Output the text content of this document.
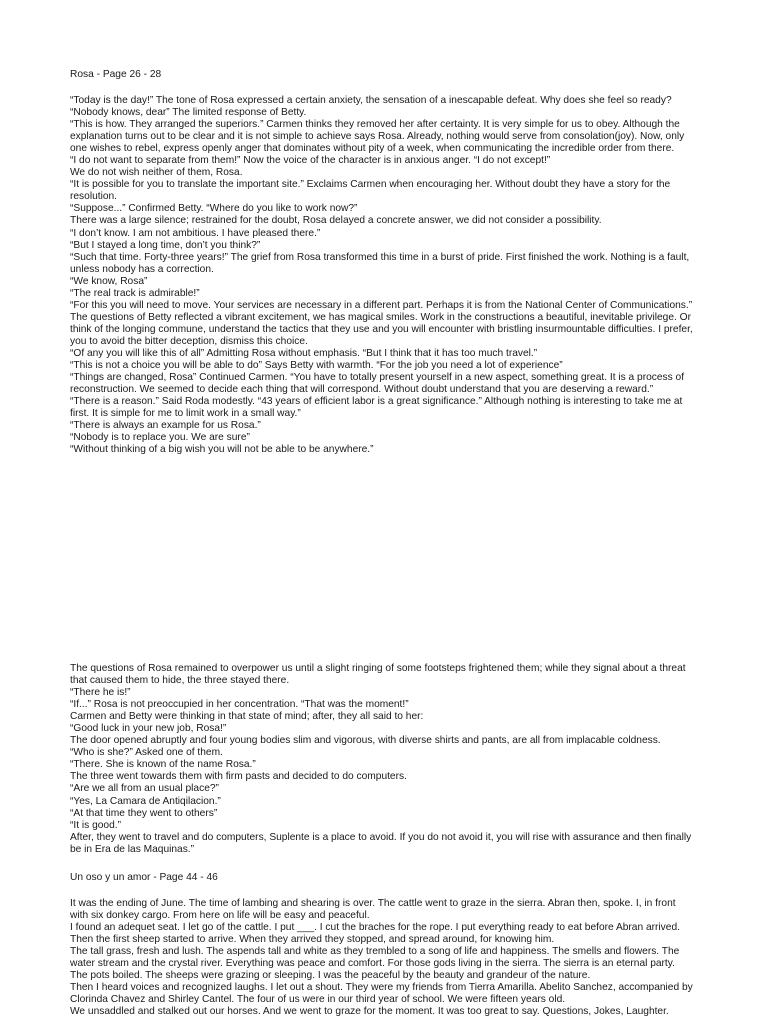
Rosa - Page 26 - 28

“Today is the day!” The tone of Rosa expressed a certain anxiety, the sensation of a inescapable defeat. Why does she feel so ready?

“Nobody knows, dear” The limited response of Betty.

“This is how. They arranged the superiors.” Carmen thinks they removed her after certainty. It is very simple for us to obey. Although the explanation turns out to be clear and it is not simple to achieve says Rosa. Already, nothing would serve from consolation(joy). Now, only one wishes to rebel, express openly anger that dominates without pity of a week, when communicating the incredible order from there.

“I do not want to separate from them!” Now the voice of the character is in anxious anger. “I do not except!”

We do not wish neither of them, Rosa.

“It is possible for you to translate the important site.” Exclaims Carmen when encouraging her. Without doubt they have a story for the resolution.

“Suppose...” Confirmed Betty. “Where do you like to work now?”

There was a large silence; restrained for the doubt, Rosa delayed a concrete answer, we did not consider a possibility.

“I don’t know. I am not ambitious. I have pleased there.”

“But I stayed a long time, don’t you think?”

“Such that time. Forty-three years!” The grief from Rosa transformed this time in a burst of pride. First finished the work. Nothing is a fault, unless nobody has a correction.

“We know, Rosa”

“The real track is admirable!”

“For this you will need to move. Your services are necessary in a different part. Perhaps it is from the National Center of Communications.”

The questions of Betty reflected a vibrant excitement, we has magical smiles. Work in the constructions a beautiful, inevitable privilege. Or think of the longing commune, understand the tactics that they use and you will encounter with bristling insurmountable difficulties. I prefer, you to avoid the bitter deception, dismiss this choice.

“Of any you will like this of all” Admitting Rosa without emphasis. “But I think that it has too much travel.”

“This is not a choice you will be able to do” Says Betty with warmth. “For the job you need a lot of experience”

“Things are changed, Rosa” Continued Carmen. “You have to totally present yourself in a new aspect, something great. It is a process of reconstruction. We seemed to decide each thing that will correspond. Without doubt understand that you are deserving a reward.”

“There is a reason.” Said Roda modestly. “43 years of efficient labor is a great significance.” Although nothing is interesting to take me at first. It is simple for me to limit work in a small way.”

“There is always an example for us Rosa.”

“Nobody is to replace you. We are sure”

“Without thinking of a big wish you will not be able to be anywhere.”

The questions of Rosa remained to overpower us until a slight ringing of some footsteps frightened them; while they signal about a threat that caused them to hide, the three stayed there.

“There he is!”

“If...” Rosa is not preoccupied in her concentration. “That was the moment!”

Carmen and Betty were thinking in that state of mind; after, they all said to her:

“Good luck in your new job, Rosa!”

The door opened abruptly and four young bodies slim and vigorous, with diverse shirts and pants, are all from implacable coldness.

“Who is she?” Asked one of them.

“There. She is known of the name Rosa.”

The three went towards them with firm pasts and decided to do computers.

“Are we all from an usual place?”

“Yes, La Camara de Antiqilacion.”

“At that time they went to others”

“It is good.”

After, they went to travel and do computers, Suplente is a place to avoid. If you do not avoid it, you will rise with assurance and then finally be in Era de las Maquinas.”

Un oso y un amor - Page 44 - 46

It was the ending of June. The time of lambing and shearing is over. The cattle went to graze in the sierra. Abran then, spoke. I, in front with six donkey cargo. From here on life will be easy and peaceful.

I found an adequet seat. I let go of the cattle. I put ___. I cut the braches for the rope. I put everything ready to eat before Abran arrived. Then the first sheep started to arrive. When they arrived they stopped, and spread around, for knowing him.

The tall grass, fresh and lush. The aspends tall and white as they trembled to a song of life and happiness. The smells and flowers. The water stream and the crystal river. Everything was peace and comfort. For those gods living in the sierra. The sierra is an eternal party.

The pots boiled. The sheeps were grazing or sleeping. I was the peaceful by the beauty and grandeur of the nature.

Then I heard voices and recognized laughs. I let out a shout. They were my friends from Tierra Amarilla. Abelito Sanchez, accompanied by Clorinda Chavez and Shirley Cantel. The four of us were in our third year of school. We were fifteen years old.

We unsaddled and stalked out our horses. And we went to graze for the moment. It was too great to say. Questions, Jokes, Laughter.
